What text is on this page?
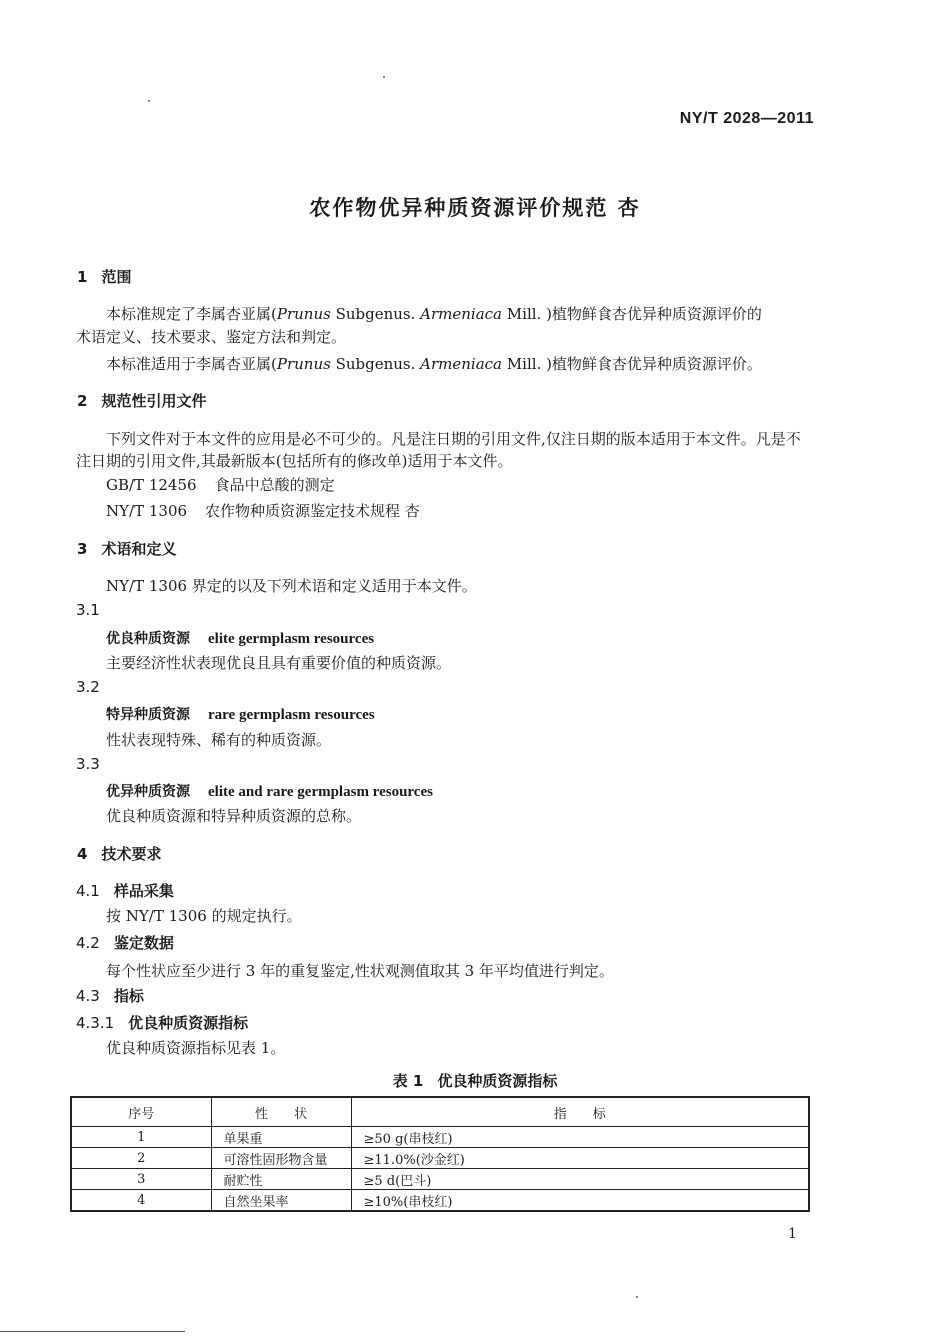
NY/T 2028—2011
农作物优异种质资源评价规范 杏
1 范围
本标准规定了李属杏亚属(Prunus Subgenus. Armeniaca Mill. )植物鲜食杏优异种质资源评价的
术语定义、技术要求、鉴定方法和判定。
本标准适用于李属杏亚属(Prunus Subgenus. Armeniaca Mill. )植物鲜食杏优异种质资源评价。
2 规范性引用文件
下列文件对于本文件的应用是必不可少的。凡是注日期的引用文件,仅注日期的版本适用于本文件。凡是不注日期的引用文件,其最新版本(包括所有的修改单)适用于本文件。
GB/T 12456 食品中总酸的测定
NY/T 1306 农作物种质资源鉴定技术规程 杏
3 术语和定义
NY/T 1306 界定的以及下列术语和定义适用于本文件。
3.1
优良种质资源 elite germplasm resources
主要经济性状表现优良且具有重要价值的种质资源。
3.2
特异种质资源 rare germplasm resources
性状表现特殊、稀有的种质资源。
3.3
优异种质资源 elite and rare germplasm resources
优良种质资源和特异种质资源的总称。
4 技术要求
4.1 样品采集
按 NY/T 1306 的规定执行。
4.2 鉴定数据
每个性状应至少进行 3 年的重复鉴定,性状观测值取其 3 年平均值进行判定。
4.3 指标
4.3.1 优良种质资源指标
优良种质资源指标见表 1。
表 1 优良种质资源指标
序号	性　　状	指　　标
1	单果重	≥50 g(串枝红)
2	可溶性固形物含量	≥11.0%(沙金红)
3	耐贮性	≥5 d(巴斗)
4	自然坐果率	≥10%(串枝红)
1
